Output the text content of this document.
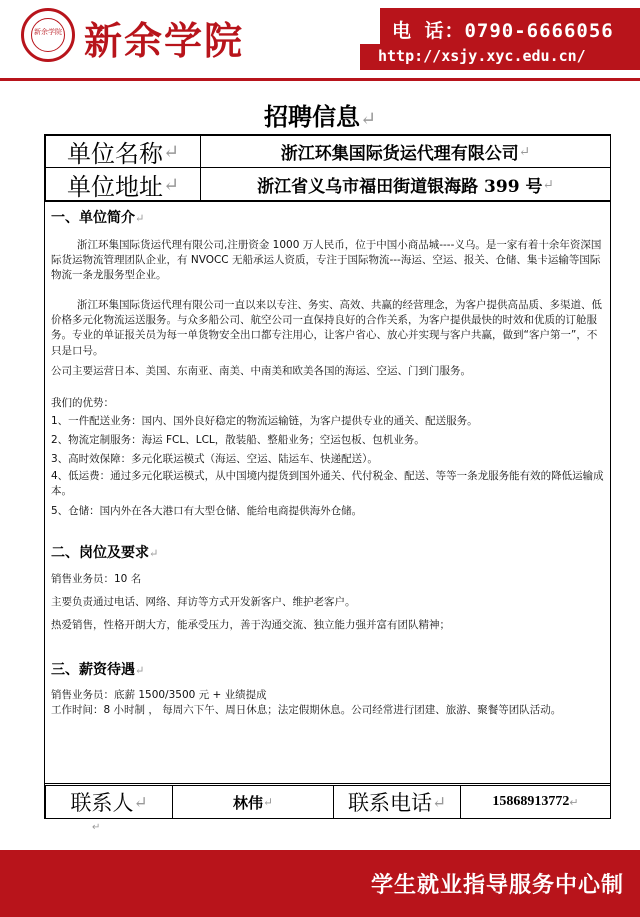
新余学院 新余学院	电 话：0790-6666056
http://xsjy.xyc.edu.cn/
招聘信息↵
单位名称 ↵	浙江环集国际货运代理有限公司 ↵
单位地址 ↵	浙江省义乌市福田街道银海路 399 号 ↵
联系人 ↵	林伟 ↵	联系电话 ↵	15868913772 ↵
一、单位简介↵
浙江环集国际货运代理有限公司,注册资金 1000 万人民币，位于中国小商品城----义乌。是一家有着十余年资深国际货运物流管理团队企业，有 NVOCC 无船承运人资质，专注于国际物流---海运、空运、报关、仓储、集卡运输等国际物流一条龙服务型企业。
浙江环集国际货运代理有限公司一直以来以专注、务实、高效、共赢的经营理念，为客户提供高品质、多渠道、低价格多元化物流运送服务。与众多船公司、航空公司一直保持良好的合作关系，为客户提供最快的时效和优质的订舱服务。专业的单证报关员为每一单货物安全出口都专注用心，让客户省心、放心并实现与客户共赢，做到“客户第一”，不只是口号。
公司主要运营日本、美国、东南亚、南美、中南美和欧美各国的海运、空运、门到门服务。
我们的优势：
1、一件配送业务：国内、国外良好稳定的物流运输链，为客户提供专业的通关、配送服务。
2、物流定制服务：海运 FCL、LCL，散装船、整船业务；空运包板、包机业务。
3、高时效保障：多元化联运模式（海运、空运、陆运车、快递配送）。
4、低运费：通过多元化联运模式，从中国境内提货到国外通关、代付税金、配送、等等一条龙服务能有效的降低运输成本。
5、仓储：国内外在各大港口有大型仓储、能给电商提供海外仓储。
二、岗位及要求↵
销售业务员：10 名
主要负责通过电话、网络、拜访等方式开发新客户、维护老客户。
热爱销售，性格开朗大方，能承受压力，善于沟通交流、独立能力强并富有团队精神；
三、薪资待遇↵
销售业务员：底薪 1500/3500 元 + 业绩提成
工作时间：8 小时制 ， 每周六下午、周日休息；法定假期休息。公司经常进行团建、旅游、聚餐等团队活动。
↵
学生就业指导服务中心制
